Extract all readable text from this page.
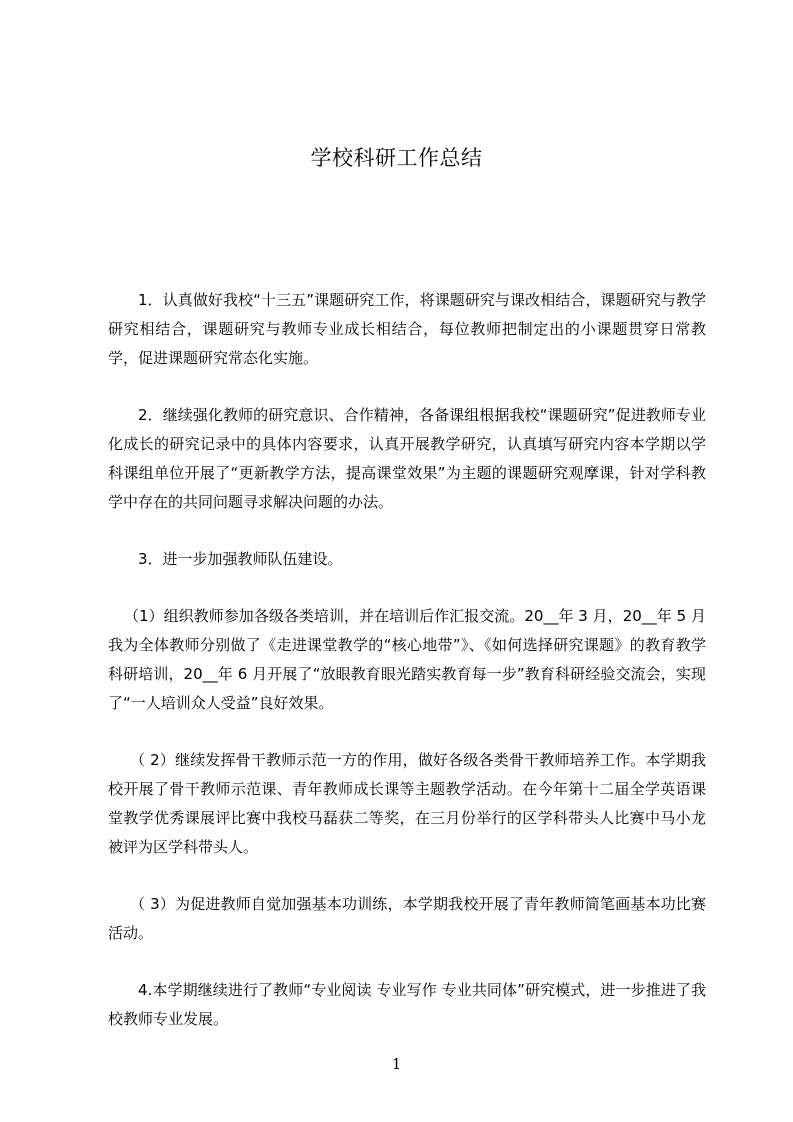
学校科研工作总结

1．认真做好我校“十三五”课题研究工作，将课题研究与课改相结合，课题研究与教学研究相结合，课题研究与教师专业成长相结合，每位教师把制定出的小课题贯穿日常教学，促进课题研究常态化实施。

2．继续强化教师的研究意识、合作精神，各备课组根据我校“课题研究”促进教师专业化成长的研究记录中的具体内容要求，认真开展教学研究，认真填写研究内容本学期以学科课组单位开展了“更新教学方法，提高课堂效果”为主题的课题研究观摩课，针对学科教学中存在的共同问题寻求解决问题的办法。

3．进一步加强教师队伍建设。

（1）组织教师参加各级各类培训，并在培训后作汇报交流。20__年 3 月，20__年 5 月我为全体教师分别做了《走进课堂教学的“核心地带”》、《如何选择研究课题》的教育教学科研培训，20__年 6 月开展了“放眼教育眼光踏实教育每一步”教育科研经验交流会，实现了“一人培训众人受益”良好效果。

（ 2）继续发挥骨干教师示范一方的作用，做好各级各类骨干教师培养工作。本学期我校开展了骨干教师示范课、青年教师成长课等主题教学活动。在今年第十二届全学英语课堂教学优秀课展评比赛中我校马磊获二等奖，在三月份举行的区学科带头人比赛中马小龙被评为区学科带头人。

（ 3）为促进教师自觉加强基本功训练，本学期我校开展了青年教师简笔画基本功比赛活动。

4.本学期继续进行了教师“专业阅读 专业写作 专业共同体”研究模式，进一步推进了我校教师专业发展。

1
